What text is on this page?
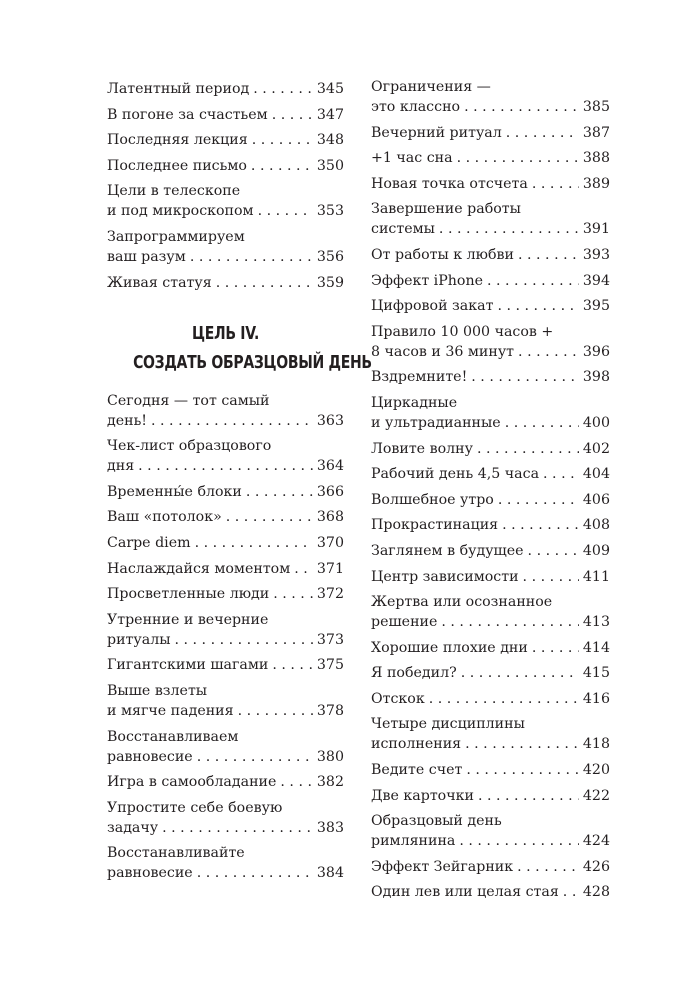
Латентный период . . .	345
В погоне за счастьем . . .	347
Последняя лекция . . .	348
Последнее письмо . . .	350
Цели в телескопе
и под микроскопом . . .	353
Запрограммируем
ваш разум . . .	356
Живая статуя . . .	359
ЦЕЛЬ IV.
СОЗДАТЬ ОБРАЗЦОВЫЙ ДЕНЬ
Сегодня — тот самый
день! . . .	363
Чек-лист образцового
дня . . .	364
Временны́е блоки . . .	366
Ваш «потолок» . . .	368
Carpe diem . . .	370
Наслаждайся моментом . . . 371
Просветленные люди . . .	372
Утренние и вечерние
ритуалы . . .	373
Гигантскими шагами . . .	375
Выше взлеты
и мягче падения . . .	378
Восстанавливаем
равновесие . . .	380
Игра в самообладание . . .	382
Упростите себе боевую
задачу . . .	383
Восстанавливайте
равновесие . . .	384
Ограничения —
это классно . . .	385
Вечерний ритуал . . .	387
+1 час сна . . .	388
Новая точка отсчета . . .	389
Завершение работы
системы . . .	391
От работы к любви . . .	393
Эффект iPhone . . .	394
Цифровой закат . . .	395
Правило 10 000 часов +
8 часов и 36 минут . . .	396
Вздремните! . . .	398
Циркадные
и ультрадианные . . .	400
Ловите волну . . .	402
Рабочий день 4,5 часа . . .	404
Волшебное утро . . .	406
Прокрастинация . . .	408
Заглянем в будущее . . .	409
Центр зависимости . . .	411
Жертва или осознанное
решение . . .	413
Хорошие плохие дни . . .	414
Я победил? . . .	415
Отскок . . .	416
Четыре дисциплины
исполнения . . .	418
Ведите счет . . .	420
Две карточки . . .	422
Образцовый день
римлянина . . .	424
Эффект Зейгарник . . .	426
Один лев или целая стая . . . 428
